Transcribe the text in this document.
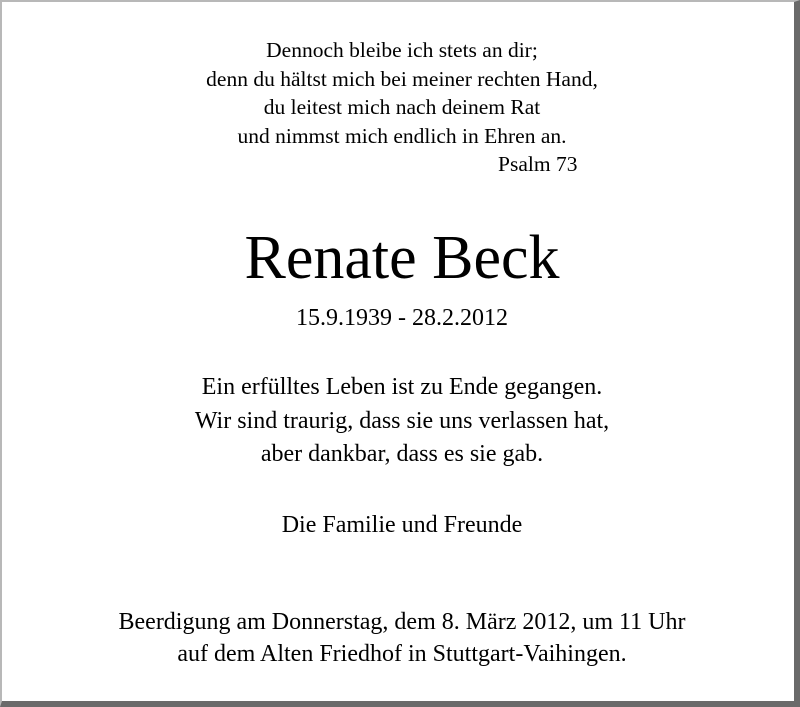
Dennoch bleibe ich stets an dir;
denn du hältst mich bei meiner rechten Hand,
du leitest mich nach deinem Rat
und nimmst mich endlich in Ehren an.
Psalm 73
Renate Beck
15.9.1939 - 28.2.2012
Ein erfülltes Leben ist zu Ende gegangen.
Wir sind traurig, dass sie uns verlassen hat,
aber dankbar, dass es sie gab.
Die Familie und Freunde
Beerdigung am Donnerstag, dem 8. März 2012, um 11 Uhr
auf dem Alten Friedhof in Stuttgart-Vaihingen.
